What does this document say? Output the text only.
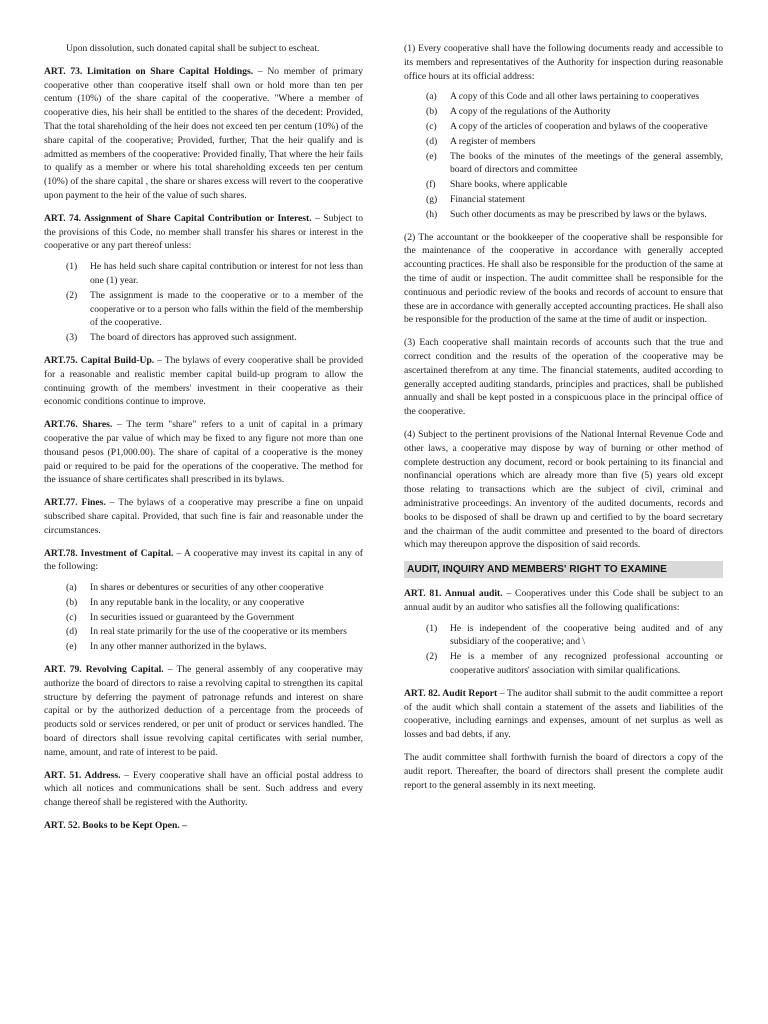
Upon dissolution, such donated capital shall be subject to escheat.

ART. 73. Limitation on Share Capital Holdings. – No member of primary cooperative other than cooperative itself shall own or hold more than ten per centum (10%) of the share capital of the cooperative. "Where a member of cooperative dies, his heir shall be entitled to the shares of the decedent: Provided, That the total shareholding of the heir does not exceed ten per centum (10%) of the share capital of the cooperative; Provided, further, That the heir qualify and is admitted as members of the cooperative: Provided finally, That where the heir fails to qualify as a member or where his total shareholding exceeds ten per centum (10%) of the share capital , the share or shares excess will revert to the cooperative upon payment to the heir of the value of such shares.

ART. 74. Assignment of Share Capital Contribution or Interest. – Subject to the provisions of this Code, no member shall transfer his shares or interest in the cooperative or any part thereof unless:

(1) He has held such share capital contribution or interest for not less than one (1) year.
(2) The assignment is made to the cooperative or to a member of the cooperative or to a person who falls within the field of the membership of the cooperative.
(3) The board of directors has approved such assignment.

ART.75. Capital Build-Up. – The bylaws of every cooperative shall be provided for a reasonable and realistic member capital build-up program to allow the continuing growth of the members' investment in their cooperative as their economic conditions continue to improve.

ART.76. Shares. – The term "share" refers to a unit of capital in a primary cooperative the par value of which may be fixed to any figure not more than one thousand pesos (P1,000.00). The share of capital of a cooperative is the money paid or required to be paid for the operations of the cooperative. The method for the issuance of share certificates shall prescribed in its bylaws.

ART.77. Fines. – The bylaws of a cooperative may prescribe a fine on unpaid subscribed share capital. Provided, that such fine is fair and reasonable under the circumstances.

ART.78. Investment of Capital. – A cooperative may invest its capital in any of the following:

(a) In shares or debentures or securities of any other cooperative
(b) In any reputable bank in the locality, or any cooperative
(c) In securities issued or guaranteed by the Government
(d) In real state primarily for the use of the cooperative or its members
(e) In any other manner authorized in the bylaws.

ART. 79. Revolving Capital. – The general assembly of any cooperative may authorize the board of directors to raise a revolving capital to strengthen its capital structure by deferring the payment of patronage refunds and interest on share capital or by the authorized deduction of a percentage from the proceeds of products sold or services rendered, or per unit of product or services handled. The board of directors shall issue revolving capital certificates with serial number, name, amount, and rate of interest to be paid.

ART. 51. Address. – Every cooperative shall have an official postal address to which all notices and communications shall be sent. Such address and every change thereof shall be registered with the Authority.

ART. 52. Books to be Kept Open. –

(1) Every cooperative shall have the following documents ready and accessible to its members and representatives of the Authority for inspection during reasonable office hours at its official address:

(a) A copy of this Code and all other laws pertaining to cooperatives
(b) A copy of the regulations of the Authority
(c) A copy of the articles of cooperation and bylaws of the cooperative
(d) A register of members
(e) The books of the minutes of the meetings of the general assembly, board of directors and committee
(f) Share books, where applicable
(g) Financial statement
(h) Such other documents as may be prescribed by laws or the bylaws.

(2) The accountant or the bookkeeper of the cooperative shall be responsible for the maintenance of the cooperative in accordance with generally accepted accounting practices. He shall also be responsible for the production of the same at the time of audit or inspection. The audit committee shall be responsible for the continuous and periodic review of the books and records of account to ensure that these are in accordance with generally accepted accounting practices. He shall also be responsible for the production of the same at the time of audit or inspection.

(3) Each cooperative shall maintain records of accounts such that the true and correct condition and the results of the operation of the cooperative may be ascertained therefrom at any time. The financial statements, audited according to generally accepted auditing standards, principles and practices, shall be published annually and shall be kept posted in a conspicuous place in the principal office of the cooperative.

(4) Subject to the pertinent provisions of the National Internal Revenue Code and other laws, a cooperative may dispose by way of burning or other method of complete destruction any document, record or book pertaining to its financial and nonfinancial operations which are already more than five (5) years old except those relating to transactions which are the subject of civil, criminal and administrative proceedings. An inventory of the audited documents, records and books to be disposed of shall be drawn up and certified to by the board secretary and the chairman of the audit committee and presented to the board of directors which may thereupon approve the disposition of said records.

AUDIT, INQUIRY AND MEMBERS' RIGHT TO EXAMINE

ART. 81. Annual audit. – Cooperatives under this Code shall be subject to an annual audit by an auditor who satisfies all the following qualifications:

(1) He is independent of the cooperative being audited and of any subsidiary of the cooperative; and \
(2) He is a member of any recognized professional accounting or cooperative auditors' association with similar qualifications.

ART. 82. Audit Report – The auditor shall submit to the audit committee a report of the audit which shall contain a statement of the assets and liabilities of the cooperative, including earnings and expenses, amount of net surplus as well as losses and bad debts, if any.

The audit committee shall forthwith furnish the board of directors a copy of the audit report. Thereafter, the board of directors shall present the complete audit report to the general assembly in its next meeting.
